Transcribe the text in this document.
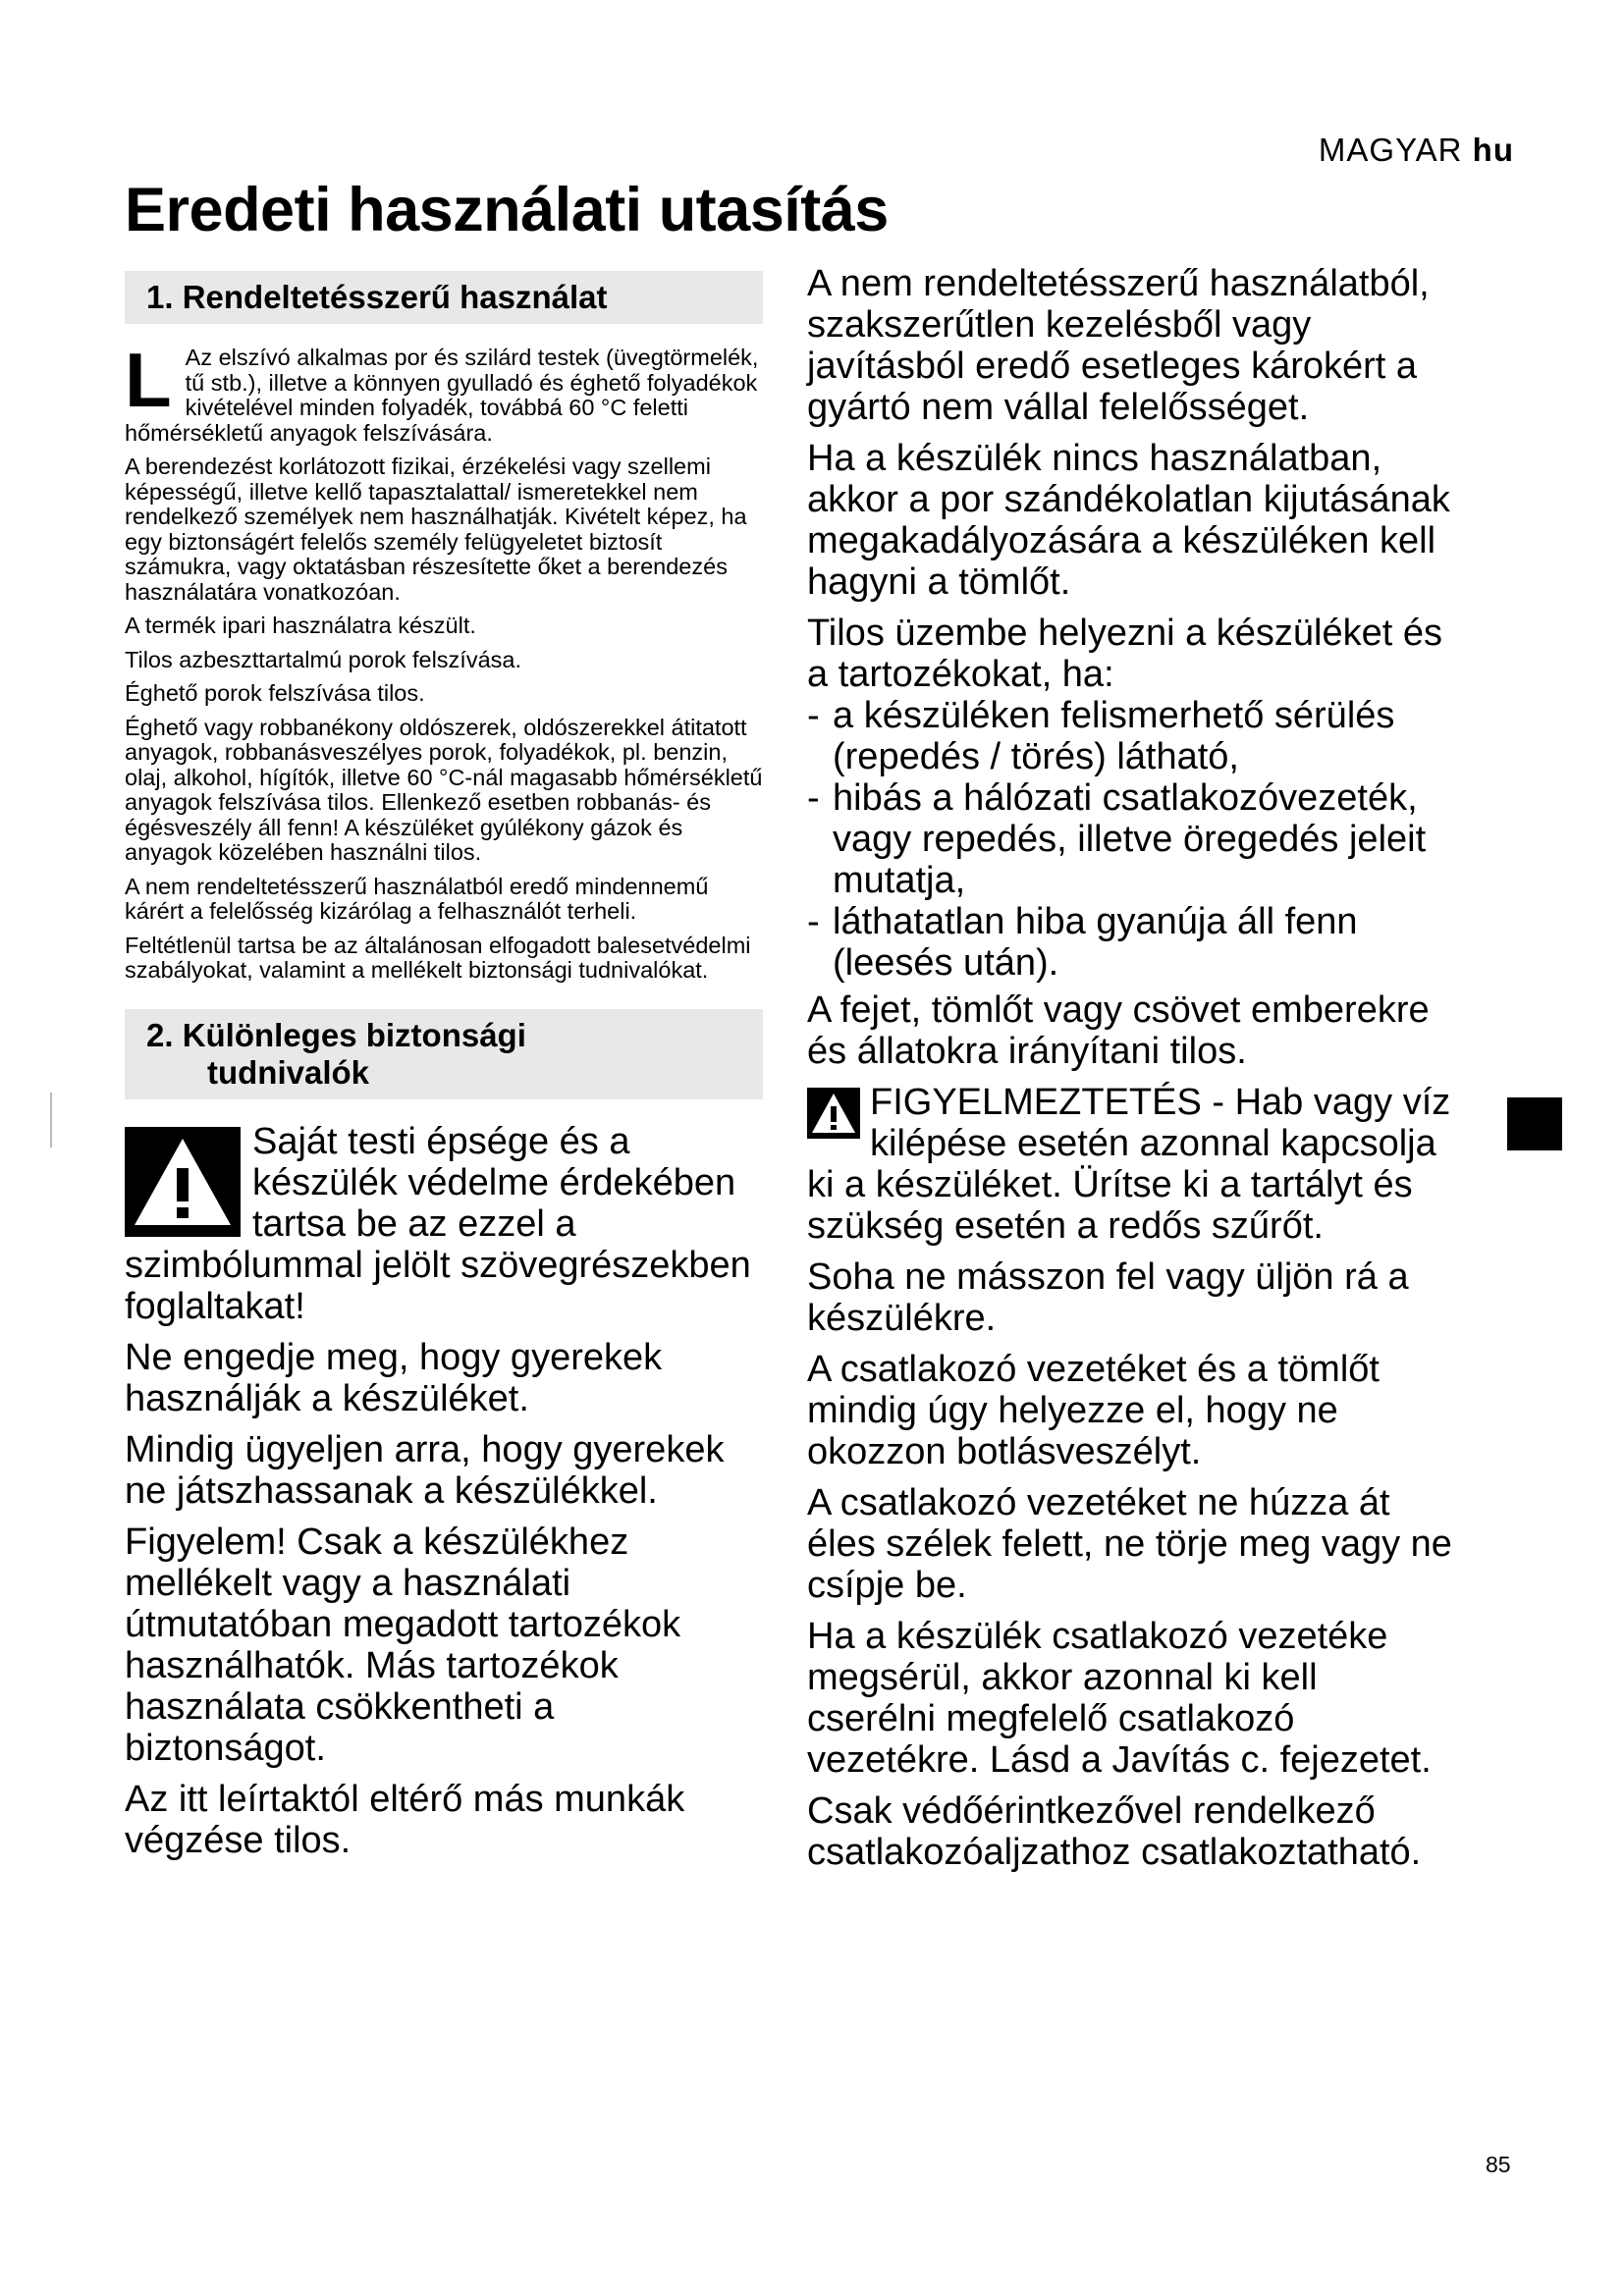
MAGYAR hu
Eredeti használati utasítás
1. Rendeltetésszerű használat
L Az elszívó alkalmas por és szilárd testek (üvegtörmelék, tű stb.), illetve a könnyen gyulladó és éghető folyadékok kivételével minden folyadék, továbbá 60 °C feletti hőmérsékletű anyagok felszívására.

A berendezést korlátozott fizikai, érzékelési vagy szellemi képességű, illetve kellő tapasztalattal/ ismeretekkel nem rendelkező személyek nem használhatják. Kivételt képez, ha egy biztonságért felelős személy felügyeletet biztosít számukra, vagy oktatásban részesítette őket a berendezés használatára vonatkozóan.

A termék ipari használatra készült.

Tilos azbeszttartalmú porok felszívása.

Éghető porok felszívása tilos.

Éghető vagy robbanékony oldószerek, oldószerekkel átitatott anyagok, robbanásveszélyes porok, folyadékok, pl. benzin, olaj, alkohol, hígítók, illetve 60 °C-nál magasabb hőmérsékletű anyagok felszívása tilos. Ellenkező esetben robbanás- és égésveszély áll fenn! A készüléket gyúlékony gázok és anyagok közelében használni tilos.

A nem rendeltetésszerű használatból eredő mindennemű kárért a felelősség kizárólag a felhasználót terheli.

Feltétlenül tartsa be az általánosan elfogadott balesetvédelmi szabályokat, valamint a mellékelt biztonsági tudnivalókat.

2. Különleges biztonsági
tudnivalók

Saját testi épsége és a készülék védelme érdekében tartsa be az ezzel a szimbólummal jelölt szövegrészekben foglaltakat!

Ne engedje meg, hogy gyerekek használják a készüléket.

Mindig ügyeljen arra, hogy gyerekek ne játszhassanak a készülékkel.

Figyelem! Csak a készülékhez mellékelt vagy a használati útmutatóban megadott tartozékok használhatók. Más tartozékok használata csökkentheti a biztonságot.

Az itt leírtaktól eltérő más munkák végzése tilos.

A nem rendeltetésszerű használatból, szakszerűtlen kezelésből vagy javításból eredő esetleges károkért a gyártó nem vállal felelősséget.

Ha a készülék nincs használatban, akkor a por szándékolatlan kijutásának megakadályozására a készüléken kell hagyni a tömlőt.

Tilos üzembe helyezni a készüléket és a tartozékokat, ha:

- a készüléken felismerhető sérülés (repedés / törés) látható,
- hibás a hálózati csatlakozóvezeték, vagy repedés, illetve öregedés jeleit mutatja,
- láthatatlan hiba gyanúja áll fenn (leesés után).

A fejet, tömlőt vagy csövet emberekre és állatokra irányítani tilos.

FIGYELMEZTETÉS - Hab vagy víz kilépése esetén azonnal kapcsolja ki a készüléket. Ürítse ki a tartályt és szükség esetén a redős szűrőt.

Soha ne másszon fel vagy üljön rá a készülékre.

A csatlakozó vezetéket és a tömlőt mindig úgy helyezze el, hogy ne okozzon botlásveszélyt.

A csatlakozó vezetéket ne húzza át éles szélek felett, ne törje meg vagy ne csípje be.

Ha a készülék csatlakozó vezetéke megsérül, akkor azonnal ki kell cserélni megfelelő csatlakozó vezetékre. Lásd a Javítás c. fejezetet.

Csak védőérintkezővel rendelkező csatlakozóaljzathoz csatlakoztatható.

85
